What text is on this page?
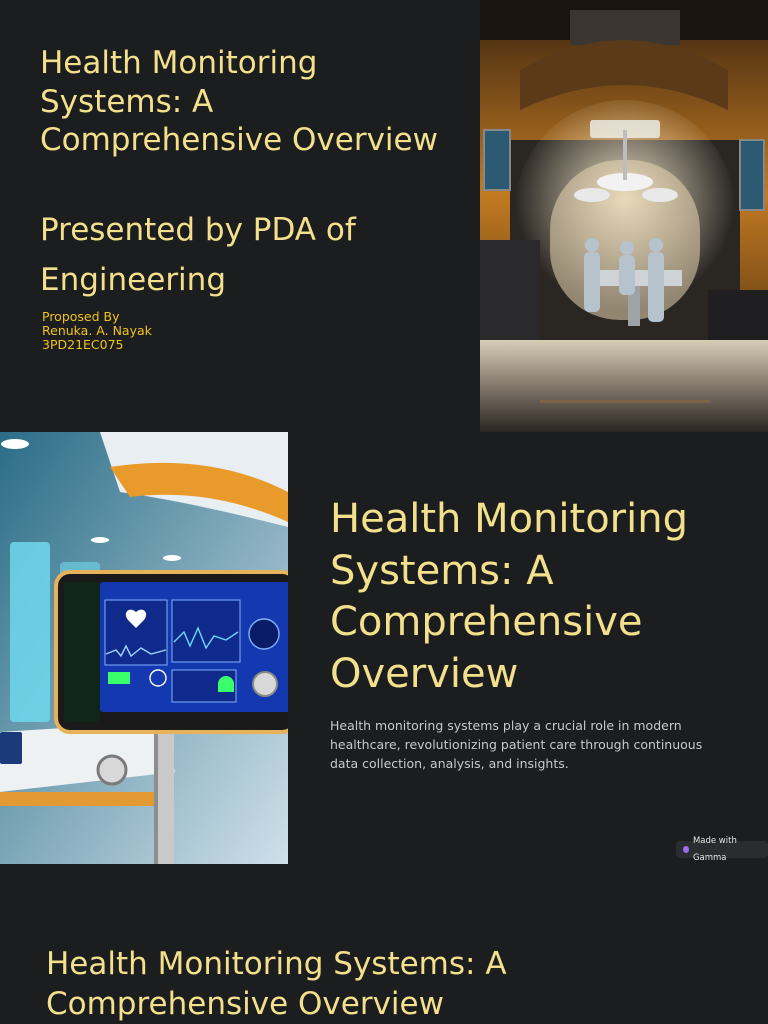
Health Monitoring Systems: A Comprehensive Overview
Presented by PDA of Engineering
Proposed By
Renuka. A. Nayak
3PD21EC075
Health Monitoring Systems: A Comprehensive Overview

Health monitoring systems play a crucial role in modern healthcare, revolutionizing patient care through continuous data collection, analysis, and insights.

Made with Gamma
Health Monitoring Systems: A Comprehensive Overview
